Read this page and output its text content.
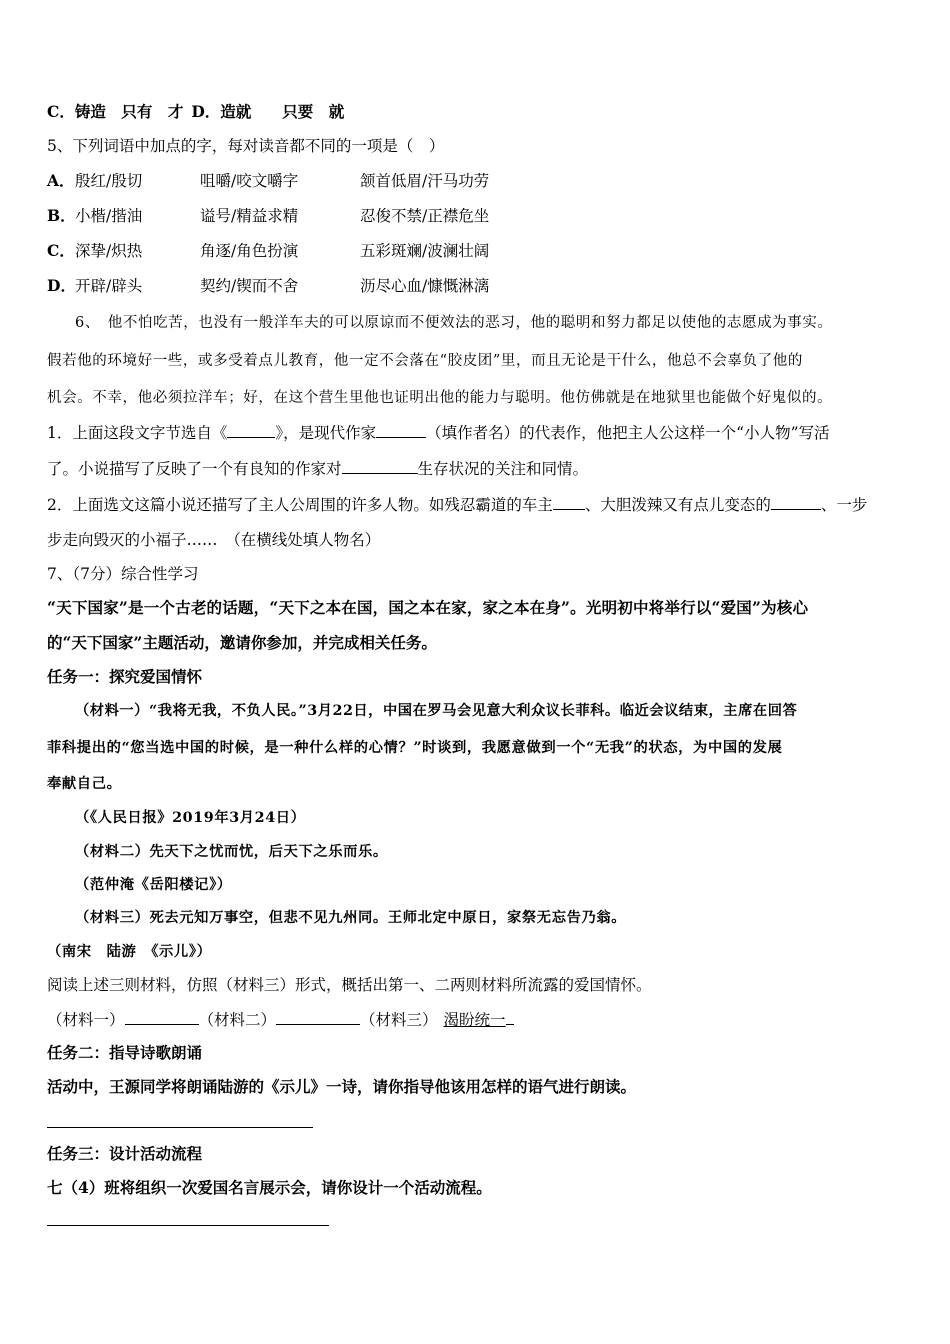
C．铸造　只有　才 D．造就　　只要　就
5、下列词语中加点的字，每对读音都不同的一项是（　）
A． 殷红/殷切	咀嚼/咬文嚼字	颔首低眉/汗马功劳
B． 小楷/揩油	谥号/精益求精	忍俊不禁/正襟危坐
C． 深挚/炽热	角逐/角色扮演	五彩斑斓/波澜壮阔
D． 开辟/辟头	契约/锲而不舍	沥尽心血/慷慨淋漓
6、　他不怕吃苦，也没有一般洋车夫的可以原谅而不便效法的恶习，他的聪明和努力都足以使他的志愿成为事实。
假若他的环境好一些，或多受着点儿教育，他一定不会落在“胶皮团”里，而且无论是干什么，他总不会辜负了他的
机会。不幸，他必须拉洋车；好，在这个营生里他也证明出他的能力与聪明。他仿佛就是在地狱里也能做个好鬼似的。
1．上面这段文字节选自《	》，是现代作家	（填作者名）的代表作，他把主人公这样一个“小人物”写活
了。小说描写了反映了一个有良知的作家对	生存状况的关注和同情。
2．上面选文这篇小说还描写了主人公周围的许多人物。如残忍霸道的车主 、大胆泼辣又有点儿变态的	、一步
步走向毁灭的小福子……　（在横线处填人物名）
7、（7分）综合性学习
“天下国家”是一个古老的话题，“天下之本在国，国之本在家，家之本在身”。光明初中将举行以“爱国”为核心
的“天下国家”主题活动，邀请你参加，并完成相关任务。
任务一：探究爱国情怀
（材料一）“我将无我，不负人民。”3月22日，中国在罗马会见意大利众议长菲科。临近会议结束，主席在回答
菲科提出的“您当选中国的时候，是一种什么样的心情？”时谈到，我愿意做到一个“无我”的状态，为中国的发展
奉献自己。
（《人民日报》2019年3月24日）
（材料二）先天下之忧而忧，后天下之乐而乐。
（范仲淹《岳阳楼记》）
（材料三）死去元知万事空，但悲不见九州同。王师北定中原日，家祭无忘告乃翁。
（南宋　陆游　《示儿》）
阅读上述三则材料，仿照（材料三）形式，概括出第一、二两则材料所流露的爱国情怀。
（材料一）	（材料二）	（材料三） 渴盼统一
任务二：指导诗歌朗诵
活动中，王源同学将朗诵陆游的《示儿》一诗，请你指导他该用怎样的语气进行朗读。
任务三：设计活动流程
七（4）班将组织一次爱国名言展示会，请你设计一个活动流程。
